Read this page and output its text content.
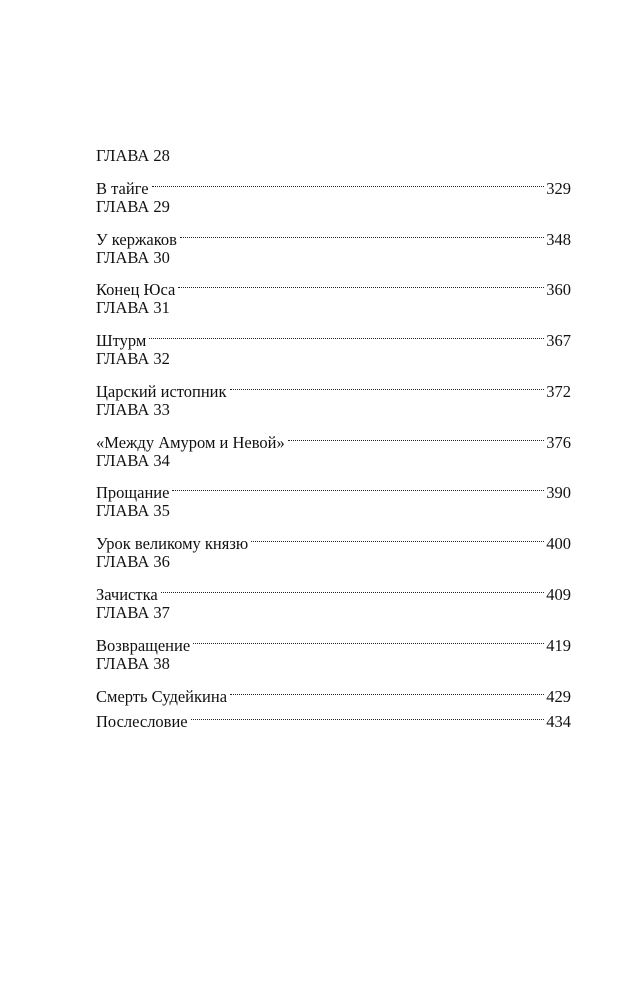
ГЛАВА 28
В тайге	329
ГЛАВА 29
У кержаков	348
ГЛАВА 30
Конец Юса	360
ГЛАВА 31
Штурм	367
ГЛАВА 32
Царский истопник	372
ГЛАВА 33
«Между Амуром и Невой»	376
ГЛАВА 34
Прощание	390
ГЛАВА 35
Урок великому князю	400
ГЛАВА 36
Зачистка	409
ГЛАВА 37
Возвращение	419
ГЛАВА 38
Смерть Судейкина	429
Послесловие	434
